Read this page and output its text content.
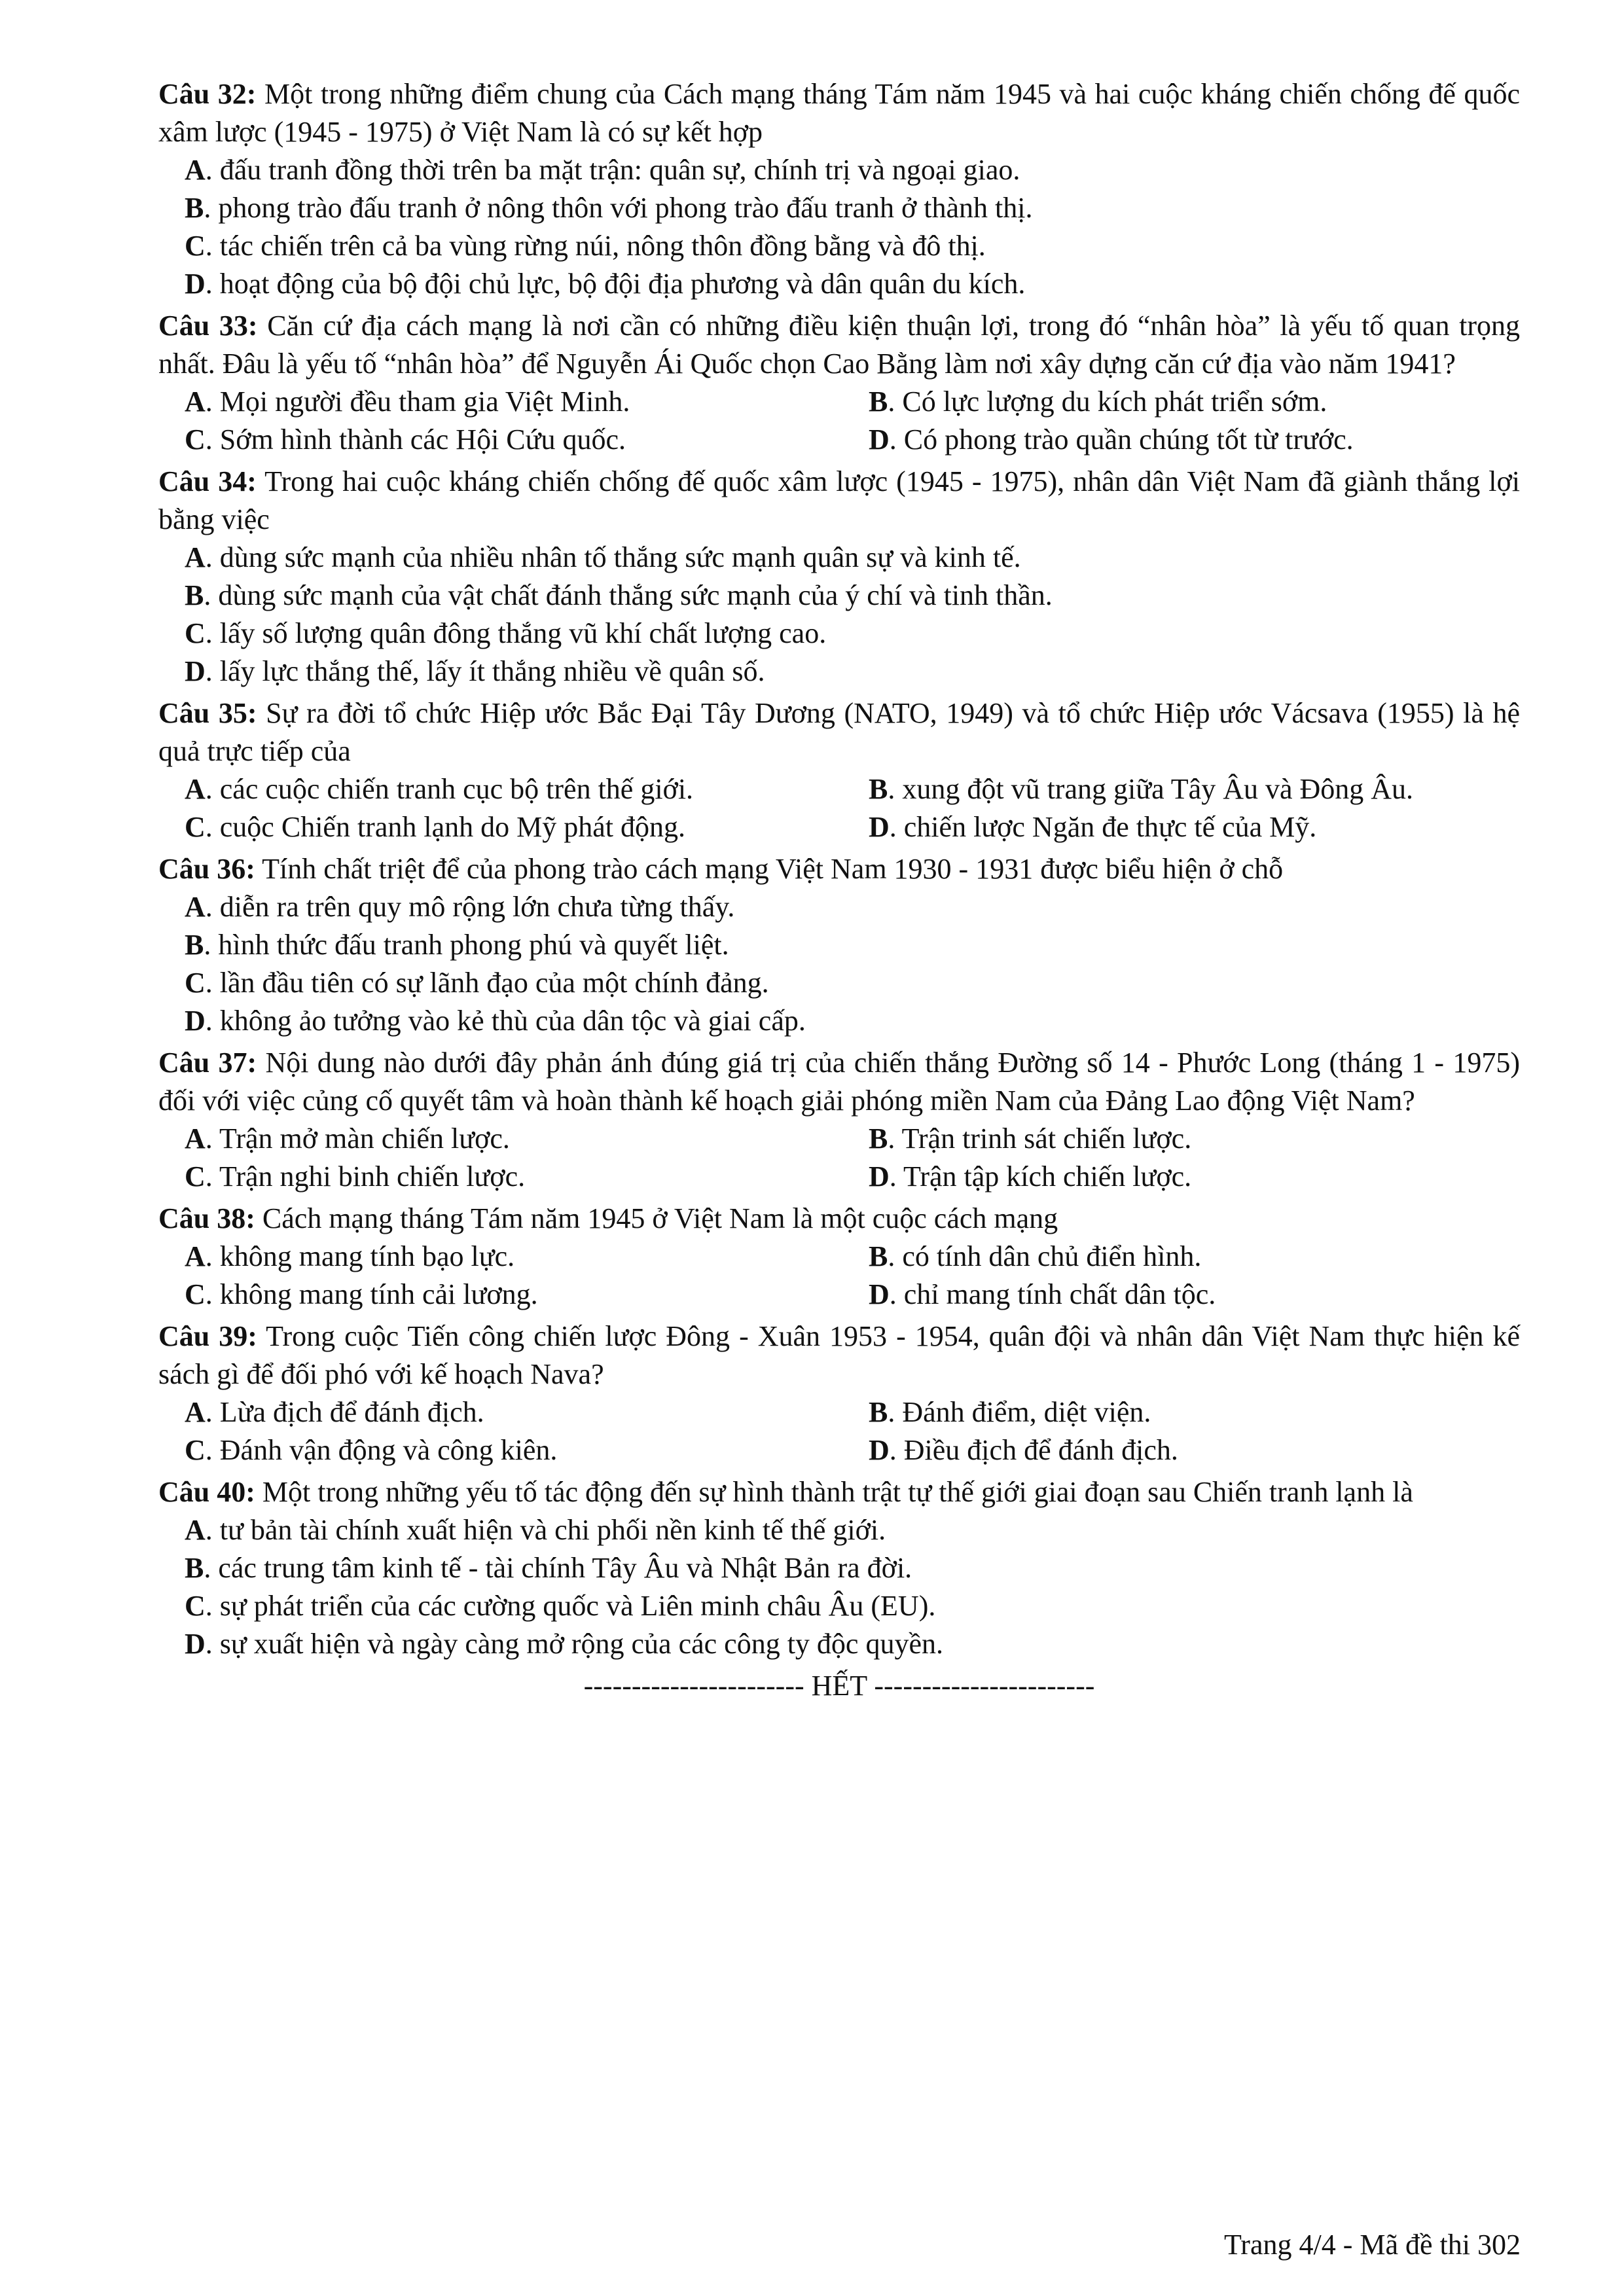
Câu 32: Một trong những điểm chung của Cách mạng tháng Tám năm 1945 và hai cuộc kháng chiến chống đế quốc xâm lược (1945 - 1975) ở Việt Nam là có sự kết hợp
A. đấu tranh đồng thời trên ba mặt trận: quân sự, chính trị và ngoại giao.
B. phong trào đấu tranh ở nông thôn với phong trào đấu tranh ở thành thị.
C. tác chiến trên cả ba vùng rừng núi, nông thôn đồng bằng và đô thị.
D. hoạt động của bộ đội chủ lực, bộ đội địa phương và dân quân du kích.
Câu 33: Căn cứ địa cách mạng là nơi cần có những điều kiện thuận lợi, trong đó “nhân hòa” là yếu tố quan trọng nhất. Đâu là yếu tố “nhân hòa” để Nguyễn Ái Quốc chọn Cao Bằng làm nơi xây dựng căn cứ địa vào năm 1941?
A. Mọi người đều tham gia Việt Minh.	B. Có lực lượng du kích phát triển sớm.
C. Sớm hình thành các Hội Cứu quốc.	D. Có phong trào quần chúng tốt từ trước.
Câu 34: Trong hai cuộc kháng chiến chống đế quốc xâm lược (1945 - 1975), nhân dân Việt Nam đã giành thắng lợi bằng việc
A. dùng sức mạnh của nhiều nhân tố thắng sức mạnh quân sự và kinh tế.
B. dùng sức mạnh của vật chất đánh thắng sức mạnh của ý chí và tinh thần.
C. lấy số lượng quân đông thắng vũ khí chất lượng cao.
D. lấy lực thắng thế, lấy ít thắng nhiều về quân số.
Câu 35: Sự ra đời tổ chức Hiệp ước Bắc Đại Tây Dương (NATO, 1949) và tổ chức Hiệp ước Vácsava (1955) là hệ quả trực tiếp của
A. các cuộc chiến tranh cục bộ trên thế giới.	B. xung đột vũ trang giữa Tây Âu và Đông Âu.
C. cuộc Chiến tranh lạnh do Mỹ phát động.	D. chiến lược Ngăn đe thực tế của Mỹ.
Câu 36: Tính chất triệt để của phong trào cách mạng Việt Nam 1930 - 1931 được biểu hiện ở chỗ
A. diễn ra trên quy mô rộng lớn chưa từng thấy.
B. hình thức đấu tranh phong phú và quyết liệt.
C. lần đầu tiên có sự lãnh đạo của một chính đảng.
D. không ảo tưởng vào kẻ thù của dân tộc và giai cấp.
Câu 37: Nội dung nào dưới đây phản ánh đúng giá trị của chiến thắng Đường số 14 - Phước Long (tháng 1 - 1975) đối với việc củng cố quyết tâm và hoàn thành kế hoạch giải phóng miền Nam của Đảng Lao động Việt Nam?
A. Trận mở màn chiến lược.	B. Trận trinh sát chiến lược.
C. Trận nghi binh chiến lược.	D. Trận tập kích chiến lược.
Câu 38: Cách mạng tháng Tám năm 1945 ở Việt Nam là một cuộc cách mạng
A. không mang tính bạo lực.	B. có tính dân chủ điển hình.
C. không mang tính cải lương.	D. chỉ mang tính chất dân tộc.
Câu 39: Trong cuộc Tiến công chiến lược Đông - Xuân 1953 - 1954, quân đội và nhân dân Việt Nam thực hiện kế sách gì để đối phó với kế hoạch Nava?
A. Lừa địch để đánh địch.	B. Đánh điểm, diệt viện.
C. Đánh vận động và công kiên.	D. Điều địch để đánh địch.
Câu 40: Một trong những yếu tố tác động đến sự hình thành trật tự thế giới giai đoạn sau Chiến tranh lạnh là
A. tư bản tài chính xuất hiện và chi phối nền kinh tế thế giới.
B. các trung tâm kinh tế - tài chính Tây Âu và Nhật Bản ra đời.
C. sự phát triển của các cường quốc và Liên minh châu Âu (EU).
D. sự xuất hiện và ngày càng mở rộng của các công ty độc quyền.
----------------------- HẾT -----------------------
Trang 4/4 - Mã đề thi 302
